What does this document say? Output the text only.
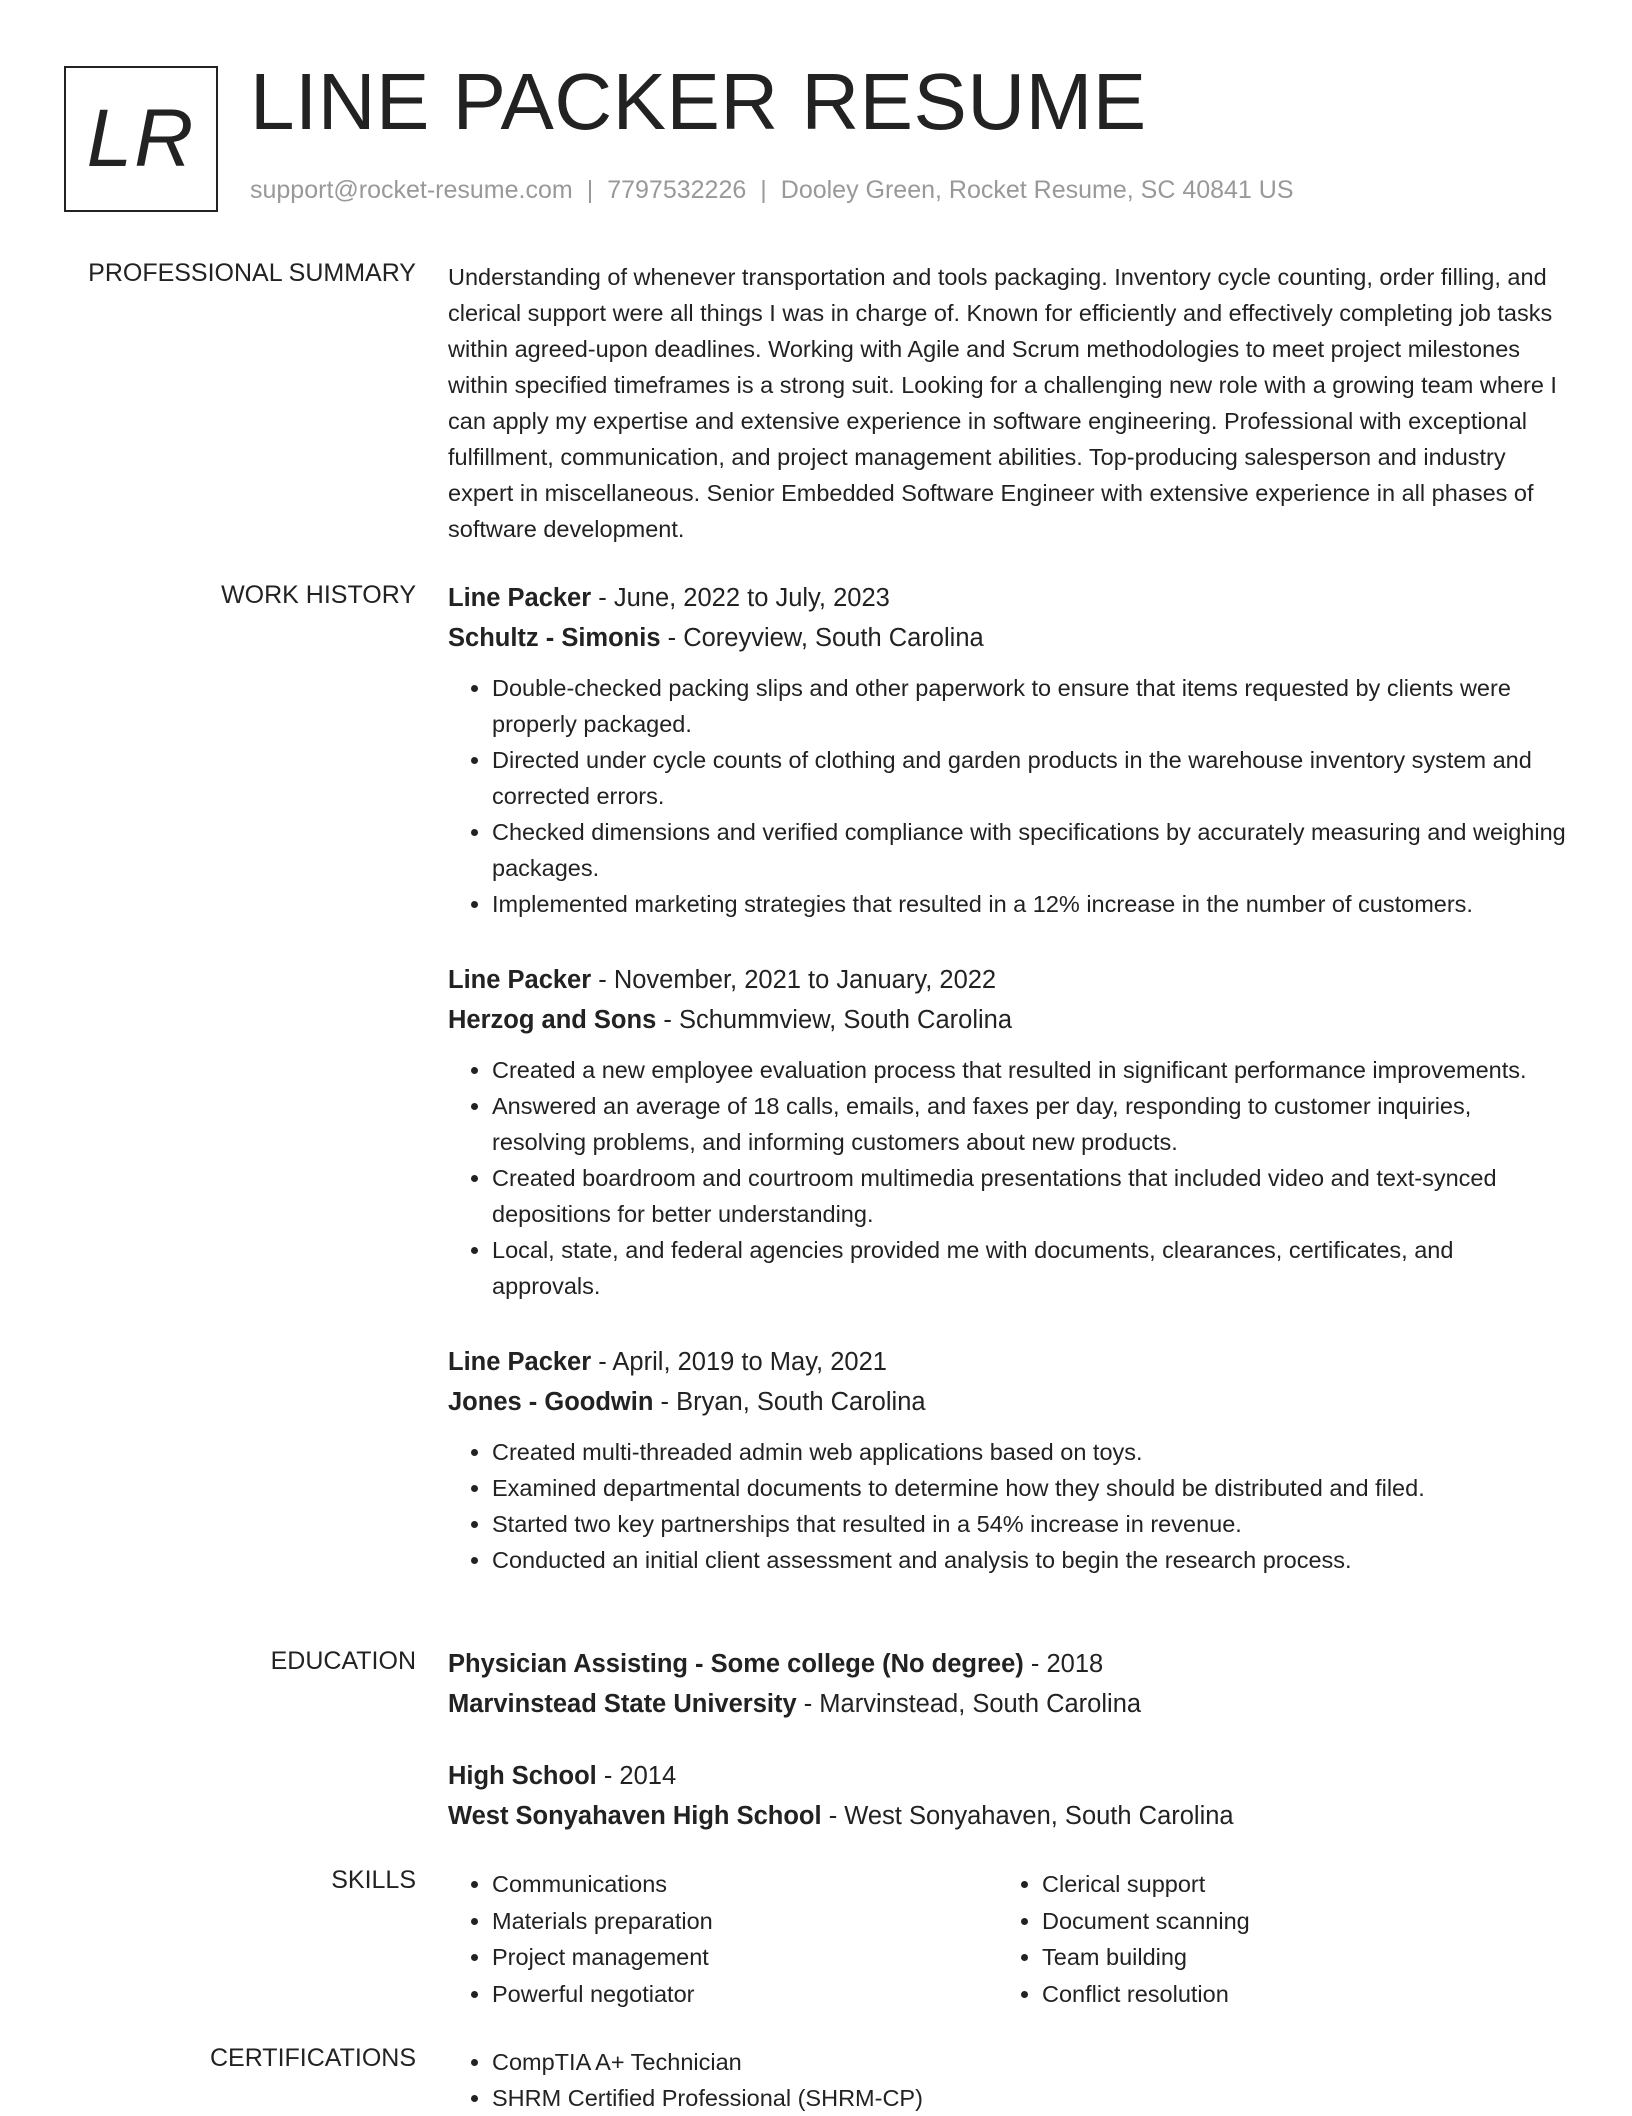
LR LINE PACKER RESUME
support@rocket-resume.com | 7797532226 | Dooley Green, Rocket Resume, SC 40841 US
PROFESSIONAL SUMMARY Understanding of whenever transportation and tools packaging. Inventory cycle counting, order filling, and clerical support were all things I was in charge of. Known for efficiently and effectively completing job tasks within agreed-upon deadlines. Working with Agile and Scrum methodologies to meet project milestones within specified timeframes is a strong suit. Looking for a challenging new role with a growing team where I can apply my expertise and extensive experience in software engineering. Professional with exceptional fulfillment, communication, and project management abilities. Top-producing salesperson and industry expert in miscellaneous. Senior Embedded Software Engineer with extensive experience in all phases of software development.

WORK HISTORY Line Packer - June, 2022 to July, 2023
Schultz - Simonis - Coreyview, South Carolina
• Double-checked packing slips and other paperwork to ensure that items requested by clients were properly packaged.
• Directed under cycle counts of clothing and garden products in the warehouse inventory system and corrected errors.
• Checked dimensions and verified compliance with specifications by accurately measuring and weighing packages.
• Implemented marketing strategies that resulted in a 12% increase in the number of customers.
Line Packer - November, 2021 to January, 2022
Herzog and Sons - Schummview, South Carolina
• Created a new employee evaluation process that resulted in significant performance improvements.
• Answered an average of 18 calls, emails, and faxes per day, responding to customer inquiries, resolving problems, and informing customers about new products.
• Created boardroom and courtroom multimedia presentations that included video and text-synced depositions for better understanding.
• Local, state, and federal agencies provided me with documents, clearances, certificates, and approvals.
Line Packer - April, 2019 to May, 2021
Jones - Goodwin - Bryan, South Carolina
• Created multi-threaded admin web applications based on toys.
• Examined departmental documents to determine how they should be distributed and filed.
• Started two key partnerships that resulted in a 54% increase in revenue.
• Conducted an initial client assessment and analysis to begin the research process.
EDUCATION Physician Assisting - Some college (No degree) - 2018
Marvinstead State University - Marvinstead, South Carolina
High School - 2014
West Sonyahaven High School - West Sonyahaven, South Carolina
SKILLS	• Communications
• Materials preparation
• Project management
• Powerful negotiator
• Clerical support
• Document scanning
• Team building
• Conflict resolution
CERTIFICATIONS	• CompTIA A+ Technician
• SHRM Certified Professional (SHRM-CP)
